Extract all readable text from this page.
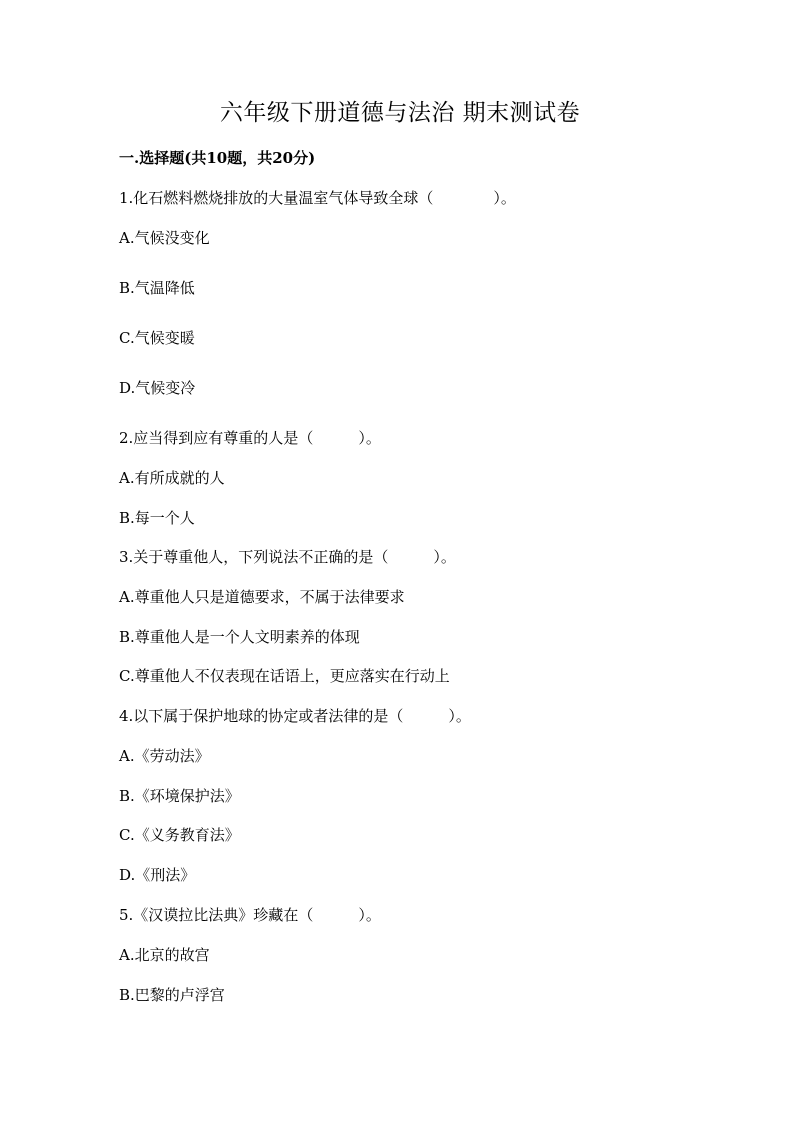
六年级下册道德与法治 期末测试卷
一.选择题(共10题，共20分)
1.化石燃料燃烧排放的大量温室气体导致全球（　　　　）。
A.气候没变化
B.气温降低
C.气候变暖
D.气候变冷
2.应当得到应有尊重的人是（　　　）。
A.有所成就的人
B.每一个人
3.关于尊重他人，下列说法不正确的是（　　　）。
A.尊重他人只是道德要求，不属于法律要求
B.尊重他人是一个人文明素养的体现
C.尊重他人不仅表现在话语上，更应落实在行动上
4.以下属于保护地球的协定或者法律的是（　　　）。
A.《劳动法》
B.《环境保护法》
C.《义务教育法》
D.《刑法》
5.《汉谟拉比法典》珍藏在（　　　）。
A.北京的故宫
B.巴黎的卢浮宫
